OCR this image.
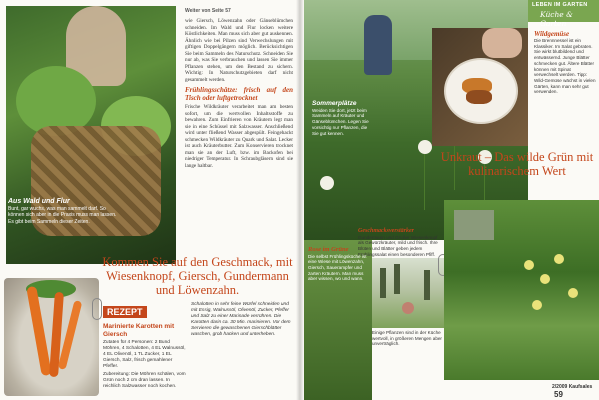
Aus Wald und Flur
Bunt, gar wuchs, was man sammelt darf. So können sich aber in die Praxis muss man lassen. Es gibt beim Sammeln dieser Zeiten.
Weiter von Seite 57

wie Giersch, Löwenzahn oder Gänseblümchen schneiden. Im Wald und Flur locken weitere Köstlichkeiten. Man muss sich aber gut auskennen. Ähnlich wie bei Pilzen sind Verwechslungen mit giftigen Doppelgängern möglich. Berücksichtigen Sie beim Sammeln des Naturschutz. Schneiden Sie nur ab, was Sie verbrauchen und lassen Sie immer Pflanzen stehen, um den Bestand zu sichern. Wichtig: In Naturschutzgebieten darf nicht gesammelt werden.

Frühlingsschätze: frisch auf den Tisch oder luftgetrocknet

Frische Wildkräuter verarbeitet man am besten sofort, um die wertvollen Inhaltsstoffe zu bewahren. Zum Einfrieren von Kräutern legt man sie in eine Schüssel mit Salzwasser. Anschließend wird unter fließend Wasser abgespült. Feingehackt schmecken Wildkräuter zu Quark und Salat. Lecker ist auch Kräuterbutter. Zum Konservieren trocknet man sie an der Luft, bzw. im Backofen bei niedriger Temperatur. In Schraubgläsern sind sie lange haltbar.

Kommen Sie auf den Geschmack, mit Wiesenknopf, Giersch, Gundermann und Löwenzahn.
REZEPT
Marinierte Karotten mit Giersch
Zutaten für 4 Personen: 2 Bund Möhren, 4 Schalotten, 4 EL Walnussöl, 4 EL Olivenöl, 1 TL Zucker, 1 EL Giersch, Salz, frisch gemahlener Pfeffer.
Zubereitung: Die Möhren schälen, vom Grün noch 2 cm dran lassen. In reichlich Salzwasser noch kochen.
Schalotten in sehr feine Würfel schneiden und mit Essig, Walnussöl, Olivenöl, Zucker, Pfeffer und Salz zu einer Marinade verrühren. Die Karotten darin ca. 30 Min. marinieren. Vor dem Servieren die gewaschenen Gierschblätter waschen, grob hacken und unterheben.
LEBEN IM GARTEN
Küche & Garten
Wildgemüse
Die Brennnessel ist ein Klassiker. Im Salat gebraten. Sie wirkt blutbildend und entwässernd. Junge Blätter schmecken gut. Ältere Blätter können mit Spinat verwechselt werden. Tipp: Wild-Gemüse wächst in vielen Gärten, kann man sehr gut verwenden.
Sommerplätze
Weiden Sie dort, jetzt beim Sammeln auf Kräuter und Gänseblümchen. Legen Sie vorsichtig nur Pflanzen, die Sie gut kennen.
Unkraut – Das wilde Grün mit kulinarischem Wert
Geschmacksverstärker Gundermann und Großer Wiesenknopf als Gewürzkräuter, mild und frisch. Ihre Blüten und Blätter geben jedem Frühlingssalat einen besonderen Pfiff.
Rose im Grüne
Die selbst Frühlingsküche ist eine Wiese mit Löwenzahn, Giersch, Sauerampfer und zarten Kräutern. Man muss aber wissen, wo und wann.
Einige Pflanzen sind in der Küche wertvoll, in größeren Mengen aber unverträglich.
2/2009 Kaufsales 59
